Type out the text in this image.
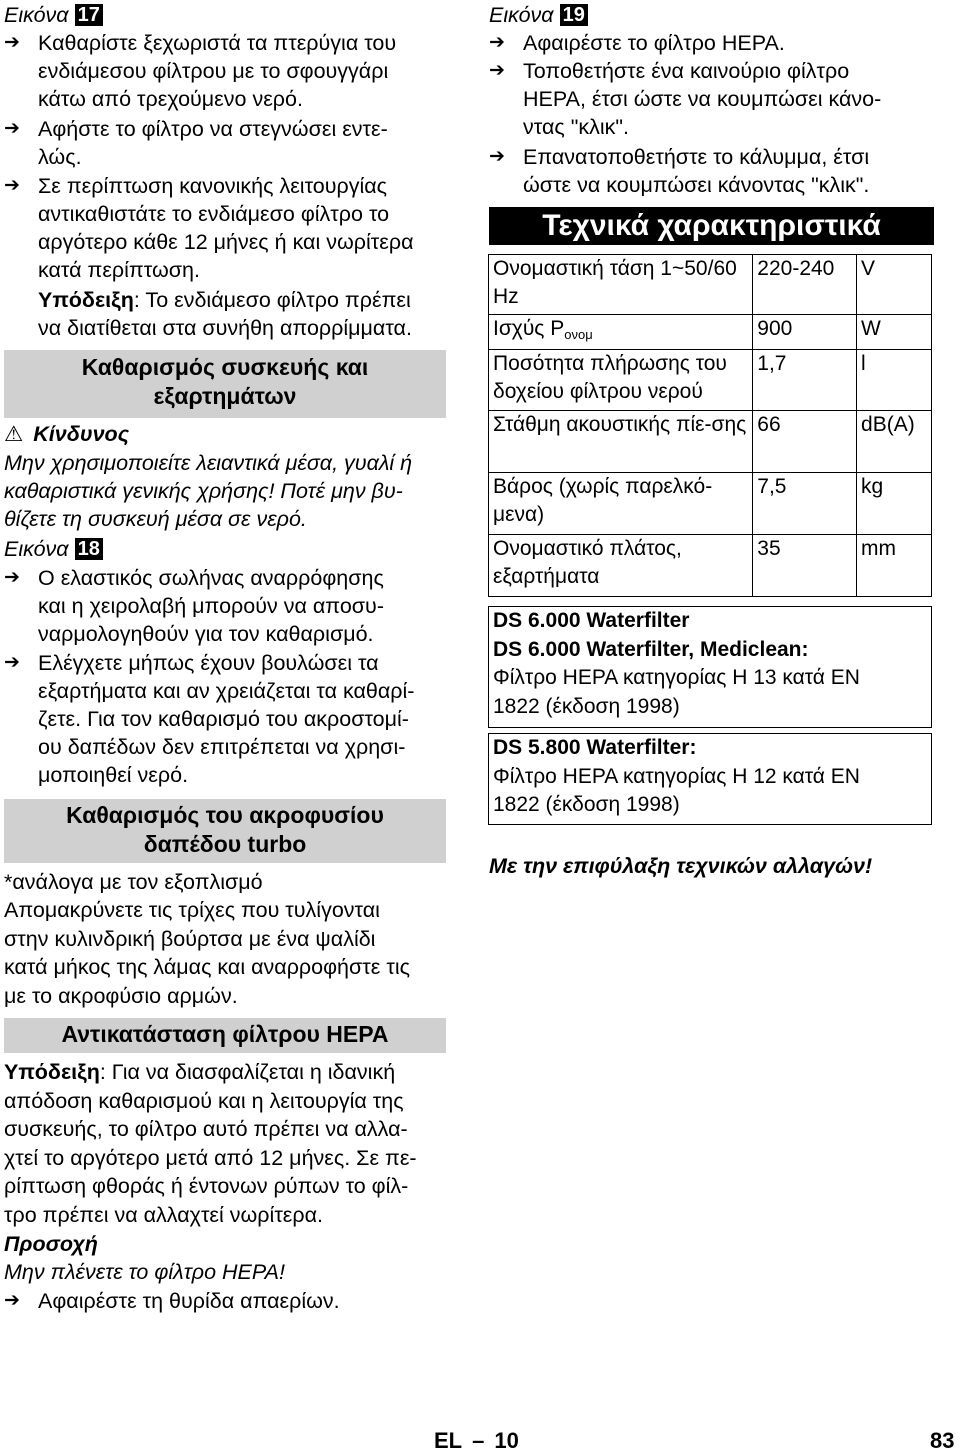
Εικόνα 17
➔ Καθαρίστε ξεχωριστά τα πτερύγια του
ενδιάμεσου φίλτρου με το σφουγγάρι
κάτω από τρεχούμενο νερό.
➔ Αφήστε το φίλτρο να στεγνώσει εντε-
λώς.
➔ Σε περίπτωση κανονικής λειτουργίας
αντικαθιστάτε το ενδιάμεσο φίλτρο το
αργότερο κάθε 12 μήνες ή και νωρίτερα
κατά περίπτωση.
Υπόδειξη: Το ενδιάμεσο φίλτρο πρέπει
να διατίθεται στα συνήθη απορρίμματα.
Καθαρισμός συσκευής και
εξαρτημάτων
⚠ Κίνδυνος
Μην χρησιμοποιείτε λειαντικά μέσα, γυαλί ή
καθαριστικά γενικής χρήσης! Ποτέ μην βυ-
θίζετε τη συσκευή μέσα σε νερό.
Εικόνα 18
➔ Ο ελαστικός σωλήνας αναρρόφησης
και η χειρολαβή μπορούν να αποσυ-
ναρμολογηθούν για τον καθαρισμό.
➔ Ελέγχετε μήπως έχουν βουλώσει τα
εξαρτήματα και αν χρειάζεται τα καθαρί-
ζετε. Για τον καθαρισμό του ακροστομί-
ου δαπέδων δεν επιτρέπεται να χρησι-
μοποιηθεί νερό.
Καθαρισμός του ακροφυσίου
δαπέδου turbo
*ανάλογα με τον εξοπλισμό
Απομακρύνετε τις τρίχες που τυλίγονται
στην κυλινδρική βούρτσα με ένα ψαλίδι
κατά μήκος της λάμας και αναρροφήστε τις
με το ακροφύσιο αρμών.
Αντικατάσταση φίλτρου HEPA
Υπόδειξη: Για να διασφαλίζεται η ιδανική
απόδοση καθαρισμού και η λειτουργία της
συσκευής, το φίλτρο αυτό πρέπει να αλλα-
χτεί το αργότερο μετά από 12 μήνες. Σε πε-
ρίπτωση φθοράς ή έντονων ρύπων το φίλ-
τρο πρέπει να αλλαχτεί νωρίτερα.
Προσοχή
Μην πλένετε το φίλτρο HEPA!
➔ Αφαιρέστε τη θυρίδα απαερίων.
Εικόνα 19
➔ Αφαιρέστε το φίλτρο HEPA.
➔ Τοποθετήστε ένα καινούριο φίλτρο
HEPA, έτσι ώστε να κουμπώσει κάνο-
ντας "κλικ".
➔ Επανατοποθετήστε το κάλυμμα, έτσι
ώστε να κουμπώσει κάνοντας "κλικ".
Τεχνικά χαρακτηριστικά
Ονομαστική τάση 1~50/60 Hz	220-240	V
Ισχύς $P_{o\nu o\mu}$	900	W
Ποσότητα πλήρωσης του δοχείου φίλτρου νερού	1,7	l
Στάθμη ακουστικής πίε-σης	66	dB(A)
Βάρος (χωρίς παρελκό-μενα)	7,5	kg
Ονομαστικό πλάτος, εξαρτήματα	35	mm
DS 6.000 Waterfilter
DS 6.000 Waterfilter, Mediclean:
Φίλτρο HEPA κατηγορίας H 13 κατά EN
1822 (έκδοση 1998)
DS 5.800 Waterfilter:
Φίλτρο HEPA κατηγορίας H 12 κατά EN
1822 (έκδοση 1998)
Με την επιφύλαξη τεχνικών αλλαγών!
EL – 10	83
